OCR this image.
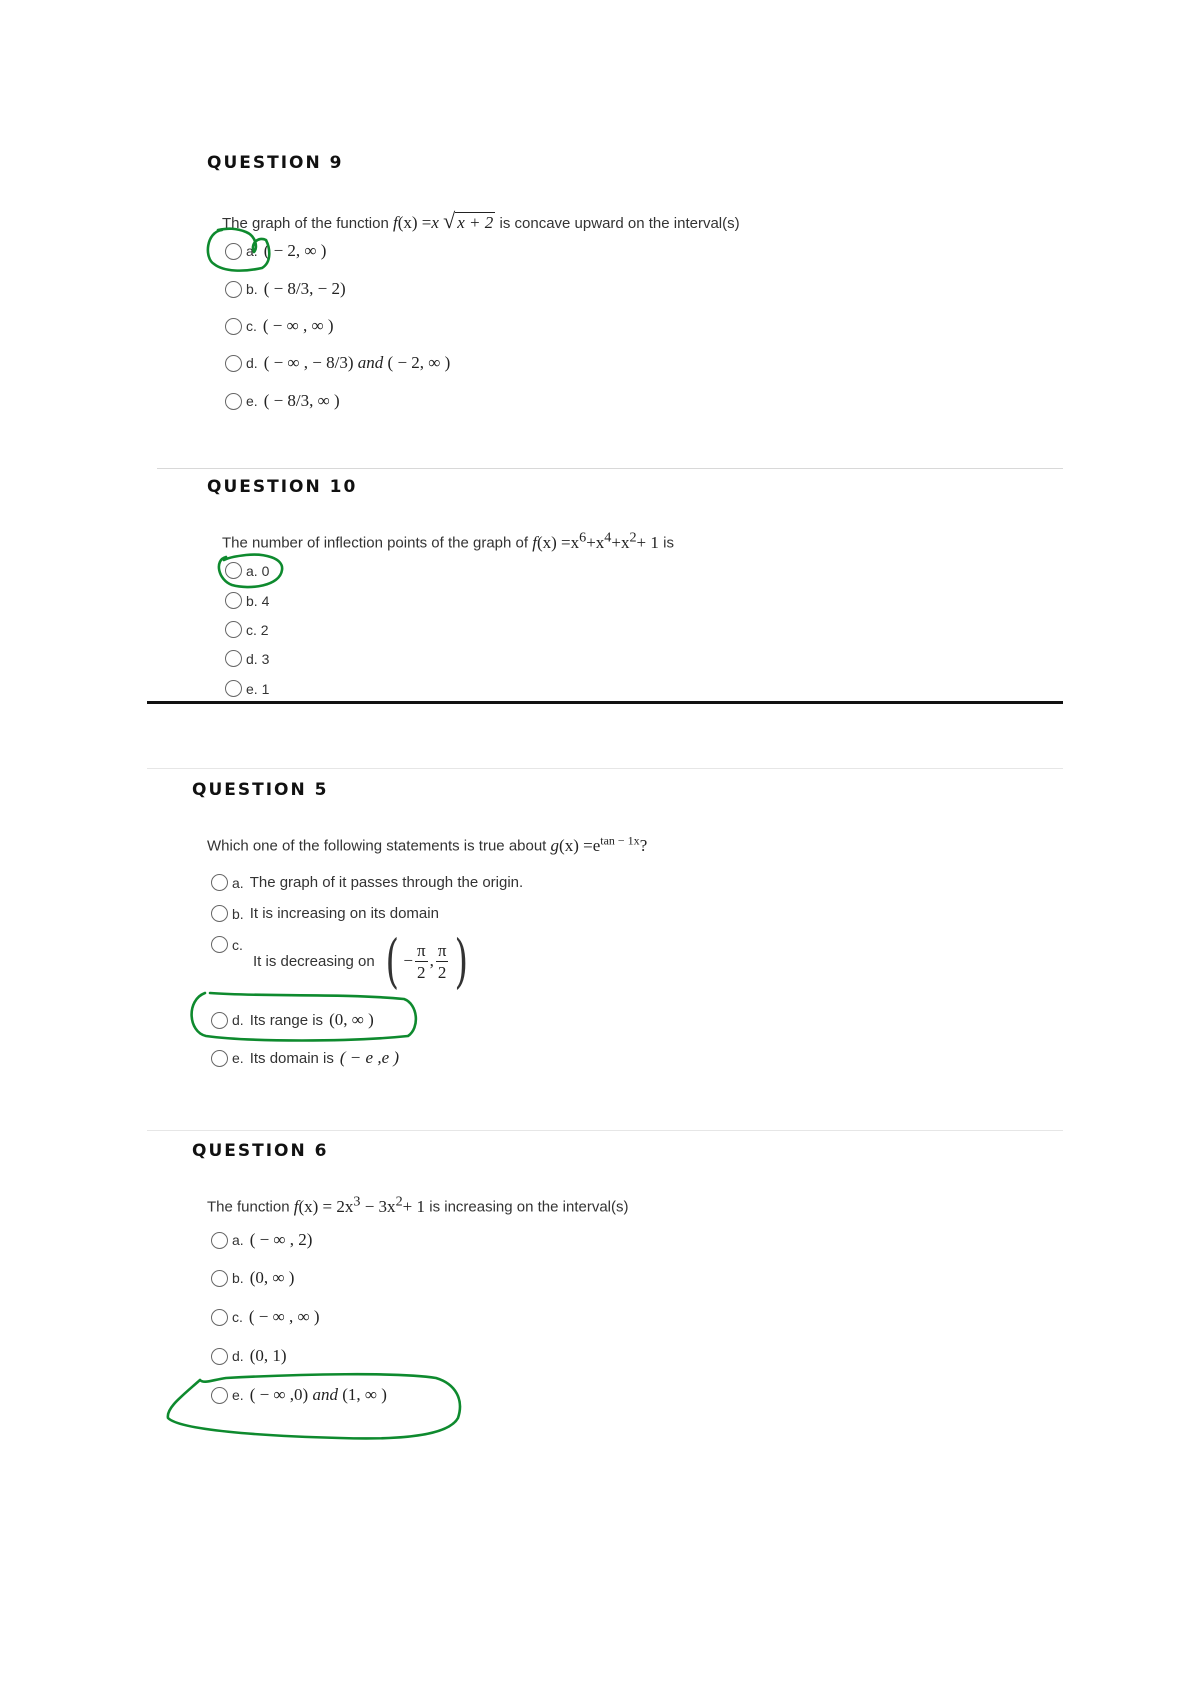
QUESTION 9
The graph of the function f(x) =x √ x + 2 is concave upward on the interval(s)
a. ( − 2, ∞ )
b. ( − 8/3, − 2)
c. ( − ∞ , ∞ )
d. ( − ∞ , − 8/3) and ( − 2, ∞ )
e. ( − 8/3, ∞ )
QUESTION 10
The number of inflection points of the graph of $f(x) =x^6+x^4+x^2+ 1$ is
a. 0
b. 4
c. 2
d. 3
e. 1
QUESTION 5
Which one of the following statements is true about $g(x) =e^{tan - 1x}$?
a. The graph of it passes through the origin.
b. It is increasing on its domain
c.
It is decreasing on ( − $\frac{\pi}{2}$ , $\frac{\pi}{2}$ )
d. Its range is (0, ∞ )
e. Its domain is ( − e ,e )
QUESTION 6
The function $f(x) = 2x^3 - 3x^2+ 1$ is increasing on the interval(s)
a. ( − ∞ , 2)
b. (0, ∞ )
c. ( − ∞ , ∞ )
d. (0, 1)
e. ( − ∞ ,0) and (1, ∞ )
